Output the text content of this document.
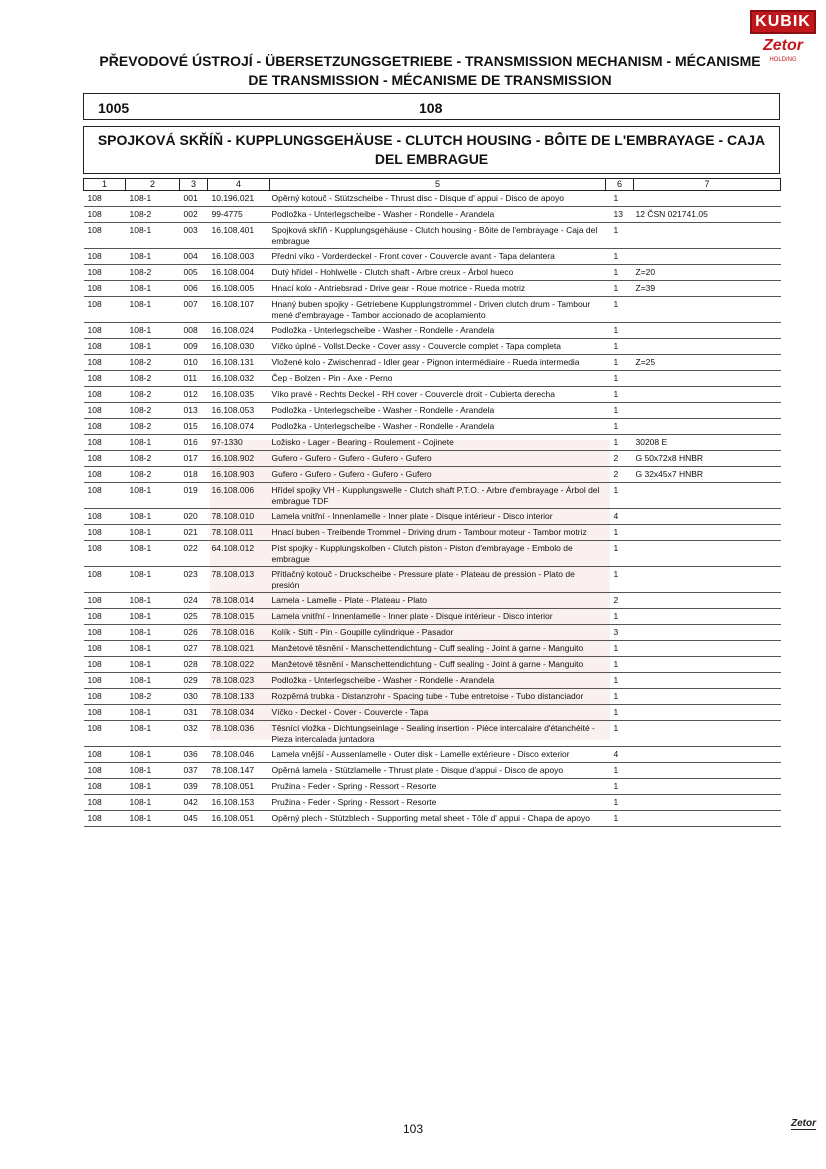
KUBIK
Zetor
HOLDING
PŘEVODOVÉ ÚSTROJÍ - ÜBERSETZUNGSGETRIEBE - TRANSMISSION MECHANISM - MÉCANISME DE TRANSMISSION - MÉCANISME DE TRANSMISSION
1005	108
SPOJKOVÁ SKŘÍŇ - KUPPLUNGSGEHÄUSE - CLUTCH HOUSING - BÔITE DE L'EMBRAYAGE - CAJA DEL EMBRAGUE
1	2	3	4	5	6	7
108	108-1	001	10.196.021	Opěrný kotouč - Stützscheibe - Thrust disc - Disque d' appui - Disco de apoyo	1	
108	108-2	002	99-4775	Podložka - Unterlegscheibe - Washer - Rondelle - Arandela	13	12 ČSN 021741.05
108	108-1	003	16.108.401	Spojková skříň - Kupplungsgehäuse - Clutch housing - Bôite de l'embrayage - Caja del embrague	1	
108	108-1	004	16.108.003	Přední víko - Vorderdeckel - Front cover - Couvercle avant - Tapa delantera	1	
108	108-2	005	16.108.004	Dutý hřídel - Hohlwelle - Clutch shaft - Arbre creux - Árbol hueco	1	Z=20
108	108-1	006	16.108.005	Hnací kolo - Antriebsrad - Drive gear - Roue motrice - Rueda motriz	1	Z=39
108	108-1	007	16.108.107	Hnaný buben spojky - Getriebene Kupplungstrommel - Driven clutch drum - Tambour mené d'embrayage - Tambor accionado de acoplamiento	1	
108	108-1	008	16.108.024	Podložka - Unterlegscheibe - Washer - Rondelle - Arandela	1	
108	108-1	009	16.108.030	Víčko úplné - Vollst.Decke - Cover assy - Couvercle complet - Tapa completa	1	
108	108-2	010	16.108.131	Vložené kolo - Zwischenrad - Idler gear - Pignon intermédiaire - Rueda intermedia	1	Z=25
108	108-2	011	16.108.032	Čep - Bolzen - Pin - Axe - Perno	1	
108	108-2	012	16.108.035	Víko pravé - Rechts Deckel - RH cover - Couvercle droit - Cubierta derecha	1	
108	108-2	013	16.108.053	Podložka - Unterlegscheibe - Washer - Rondelle - Arandela	1	
108	108-2	015	16.108.074	Podložka - Unterlegscheibe - Washer - Rondelle - Arandela	1	
108	108-1	016	97-1330	Ložisko - Lager - Bearing - Roulement - Cojinete	1	30208 E
108	108-2	017	16.108.902	Gufero - Gufero - Gufero - Gufero - Gufero	2	G 50x72x8 HNBR
108	108-2	018	16.108.903	Gufero - Gufero - Gufero - Gufero - Gufero	2	G 32x45x7 HNBR
108	108-1	019	16.108.006	Hřídel spojky VH - Kupplungswelle - Clutch shaft P.T.O. - Arbre d'embrayage - Árbol del embrague TDF	1	
108	108-1	020	78.108.010	Lamela vnitřní - Innenlamelle - Inner plate - Disque intérieur - Disco interior	4	
108	108-1	021	78.108.011	Hnací buben - Treibende Trommel - Driving drum - Tambour moteur - Tambor motriz	1	
108	108-1	022	64.108.012	Píst spojky - Kupplungskolben - Clutch piston - Piston d'embrayage - Embolo de embrague	1	
108	108-1	023	78.108.013	Přítlačný kotouč - Druckscheibe - Pressure plate - Plateau de pression - Plato de presión	1	
108	108-1	024	78.108.014	Lamela - Lamelle - Plate - Plateau - Plato	2	
108	108-1	025	78.108.015	Lamela vnitřní - Innenlamelle - Inner plate - Disque intérieur - Disco interior	1	
108	108-1	026	78.108.016	Kolík - Stift - Pin - Goupille cylindrique - Pasador	3	
108	108-1	027	78.108.021	Manžetové těsnění - Manschettendichtung - Cuff sealing - Joint à garne - Manguito	1	
108	108-1	028	78.108.022	Manžetové těsnění - Manschettendichtung - Cuff sealing - Joint à garne - Manguito	1	
108	108-1	029	78.108.023	Podložka - Unterlegscheibe - Washer - Rondelle - Arandela	1	
108	108-2	030	78.108.133	Rozpěrná trubka - Distanzrohr - Spacing tube - Tube entretoise - Tubo distanciador	1	
108	108-1	031	78.108.034	Víčko - Deckel - Cover - Couvercle - Tapa	1	
108	108-1	032	78.108.036	Těsnící vložka - Dichtungseinlage - Sealing insertion - Pièce intercalaire d'étanchéité - Pieza intercalada juntadora	1	
108	108-1	036	78.108.046	Lamela vnější - Aussenlamelle - Outer disk - Lamelle extérieure - Disco exterior	4	
108	108-1	037	78.108.147	Opěrná lamela - Stützlamelle - Thrust plate - Disque d'appui - Disco de apoyo	1	
108	108-1	039	78.108.051	Pružina - Feder - Spring - Ressort - Resorte	1	
108	108-1	042	16.108.153	Pružina - Feder - Spring - Ressort - Resorte	1	
108	108-1	045	16.108.051	Opěrný plech - Stützblech - Supporting metal sheet - Tôle d' appui - Chapa de apoyo	1	
103	Zetor
